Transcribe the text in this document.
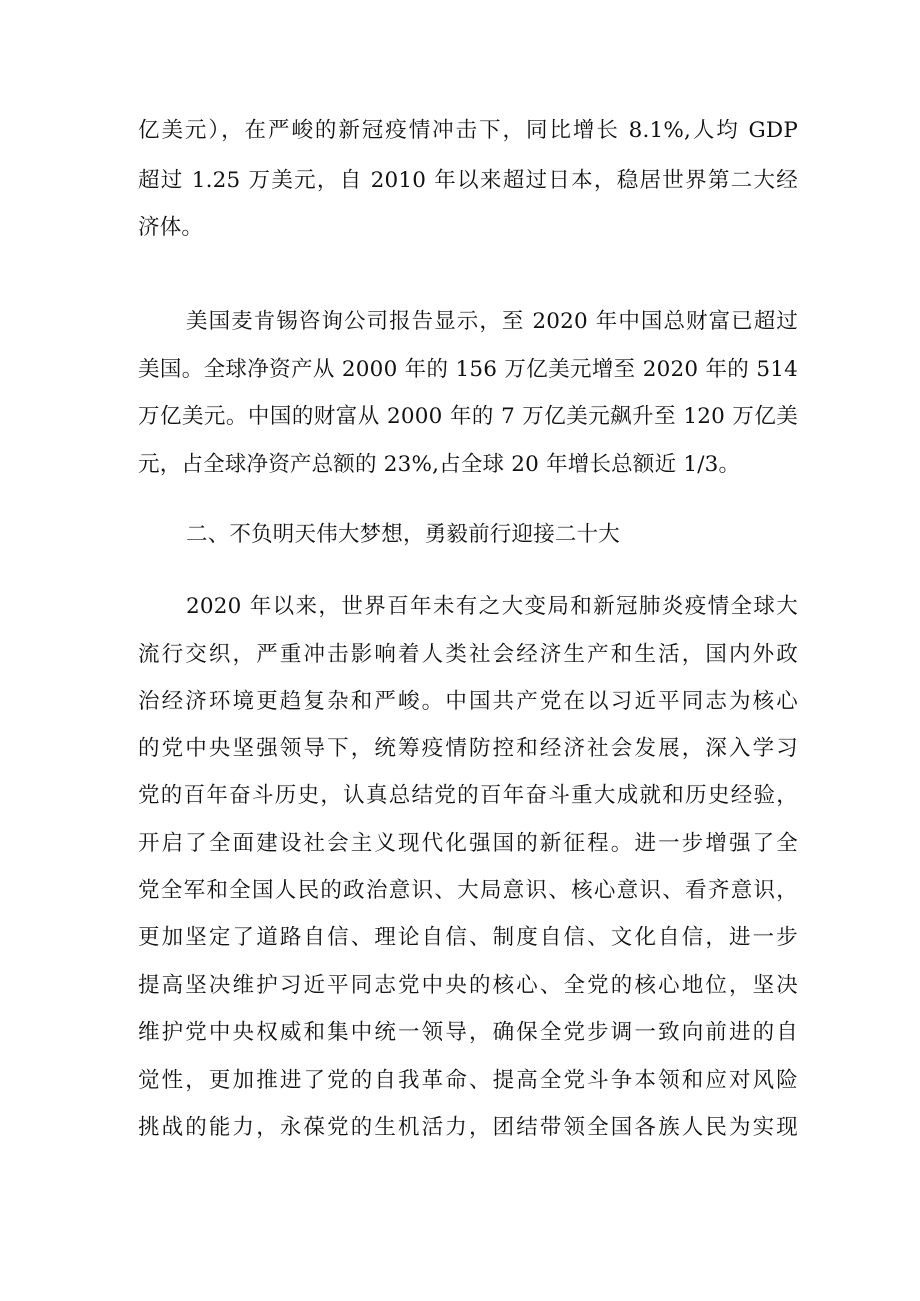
亿美元），在严峻的新冠疫情冲击下，同比增长 8.1%,人均 GDP
超过 1.25 万美元，自 2010 年以来超过日本，稳居世界第二大经
济体。
美国麦肯锡咨询公司报告显示，至 2020 年中国总财富已超过
美国。全球净资产从 2000 年的 156 万亿美元增至 2020 年的 514
万亿美元。中国的财富从 2000 年的 7 万亿美元飙升至 120 万亿美
元，占全球净资产总额的 23%,占全球 20 年增长总额近 1/3。
二、不负明天伟大梦想，勇毅前行迎接二十大
2020 年以来，世界百年未有之大变局和新冠肺炎疫情全球大
流行交织，严重冲击影响着人类社会经济生产和生活，国内外政
治经济环境更趋复杂和严峻。中国共产党在以习近平同志为核心
的党中央坚强领导下，统筹疫情防控和经济社会发展，深入学习
党的百年奋斗历史，认真总结党的百年奋斗重大成就和历史经验，
开启了全面建设社会主义现代化强国的新征程。进一步增强了全
党全军和全国人民的政治意识、大局意识、核心意识、看齐意识，
更加坚定了道路自信、理论自信、制度自信、文化自信，进一步
提高坚决维护习近平同志党中央的核心、全党的核心地位，坚决
维护党中央权威和集中统一领导，确保全党步调一致向前进的自
觉性，更加推进了党的自我革命、提高全党斗争本领和应对风险
挑战的能力，永葆党的生机活力，团结带领全国各族人民为实现
